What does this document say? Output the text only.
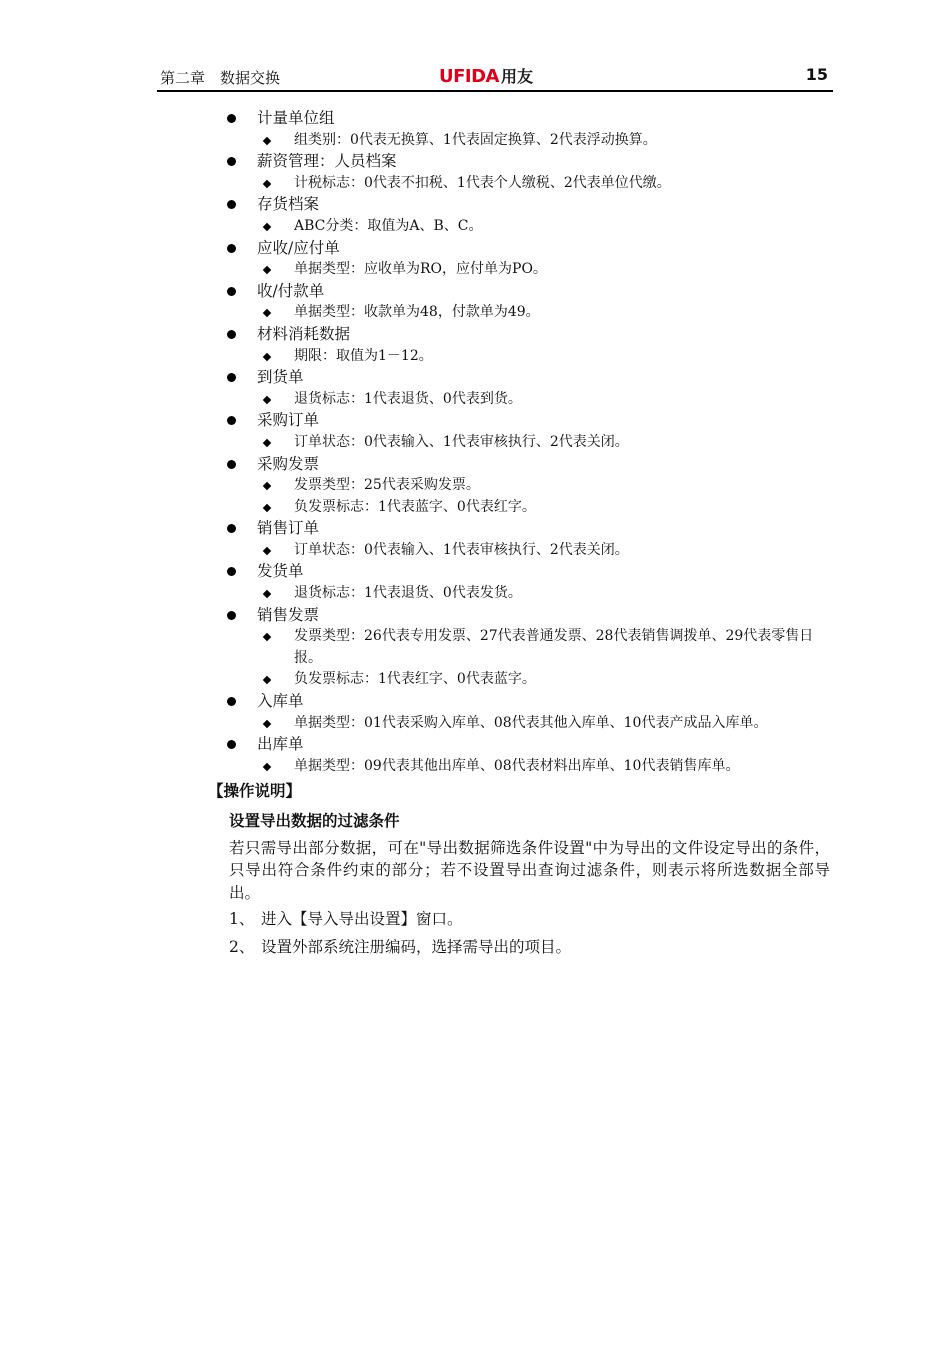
第二章　数据交换	UFIDA 用友	15
计量单位组
组类别：0代表无换算、1代表固定换算、2代表浮动换算。
薪资管理：人员档案
计税标志：0代表不扣税、1代表个人缴税、2代表单位代缴。
存货档案
ABC分类：取值为A、B、C。
应收/应付单
单据类型：应收单为RO，应付单为PO。
收/付款单
单据类型：收款单为48，付款单为49。
材料消耗数据
期限：取值为1－12。
到货单
退货标志：1代表退货、0代表到货。
采购订单
订单状态：0代表输入、1代表审核执行、2代表关闭。
采购发票
发票类型：25代表采购发票。
负发票标志：1代表蓝字、0代表红字。
销售订单
订单状态：0代表输入、1代表审核执行、2代表关闭。
发货单
退货标志：1代表退货、0代表发货。
销售发票
发票类型：26代表专用发票、27代表普通发票、28代表销售调拨单、29代表零售日报。
负发票标志：1代表红字、0代表蓝字。
入库单
单据类型：01代表采购入库单、08代表其他入库单、10代表产成品入库单。
出库单
单据类型：09代表其他出库单、08代表材料出库单、10代表销售库单。
【操作说明】
设置导出数据的过滤条件
若只需导出部分数据，可在"导出数据筛选条件设置"中为导出的文件设定导出的条件，只导出符合条件约束的部分；若不设置导出查询过滤条件，则表示将所选数据全部导出。
1、 进入【导入导出设置】窗口。
2、 设置外部系统注册编码，选择需导出的项目。
